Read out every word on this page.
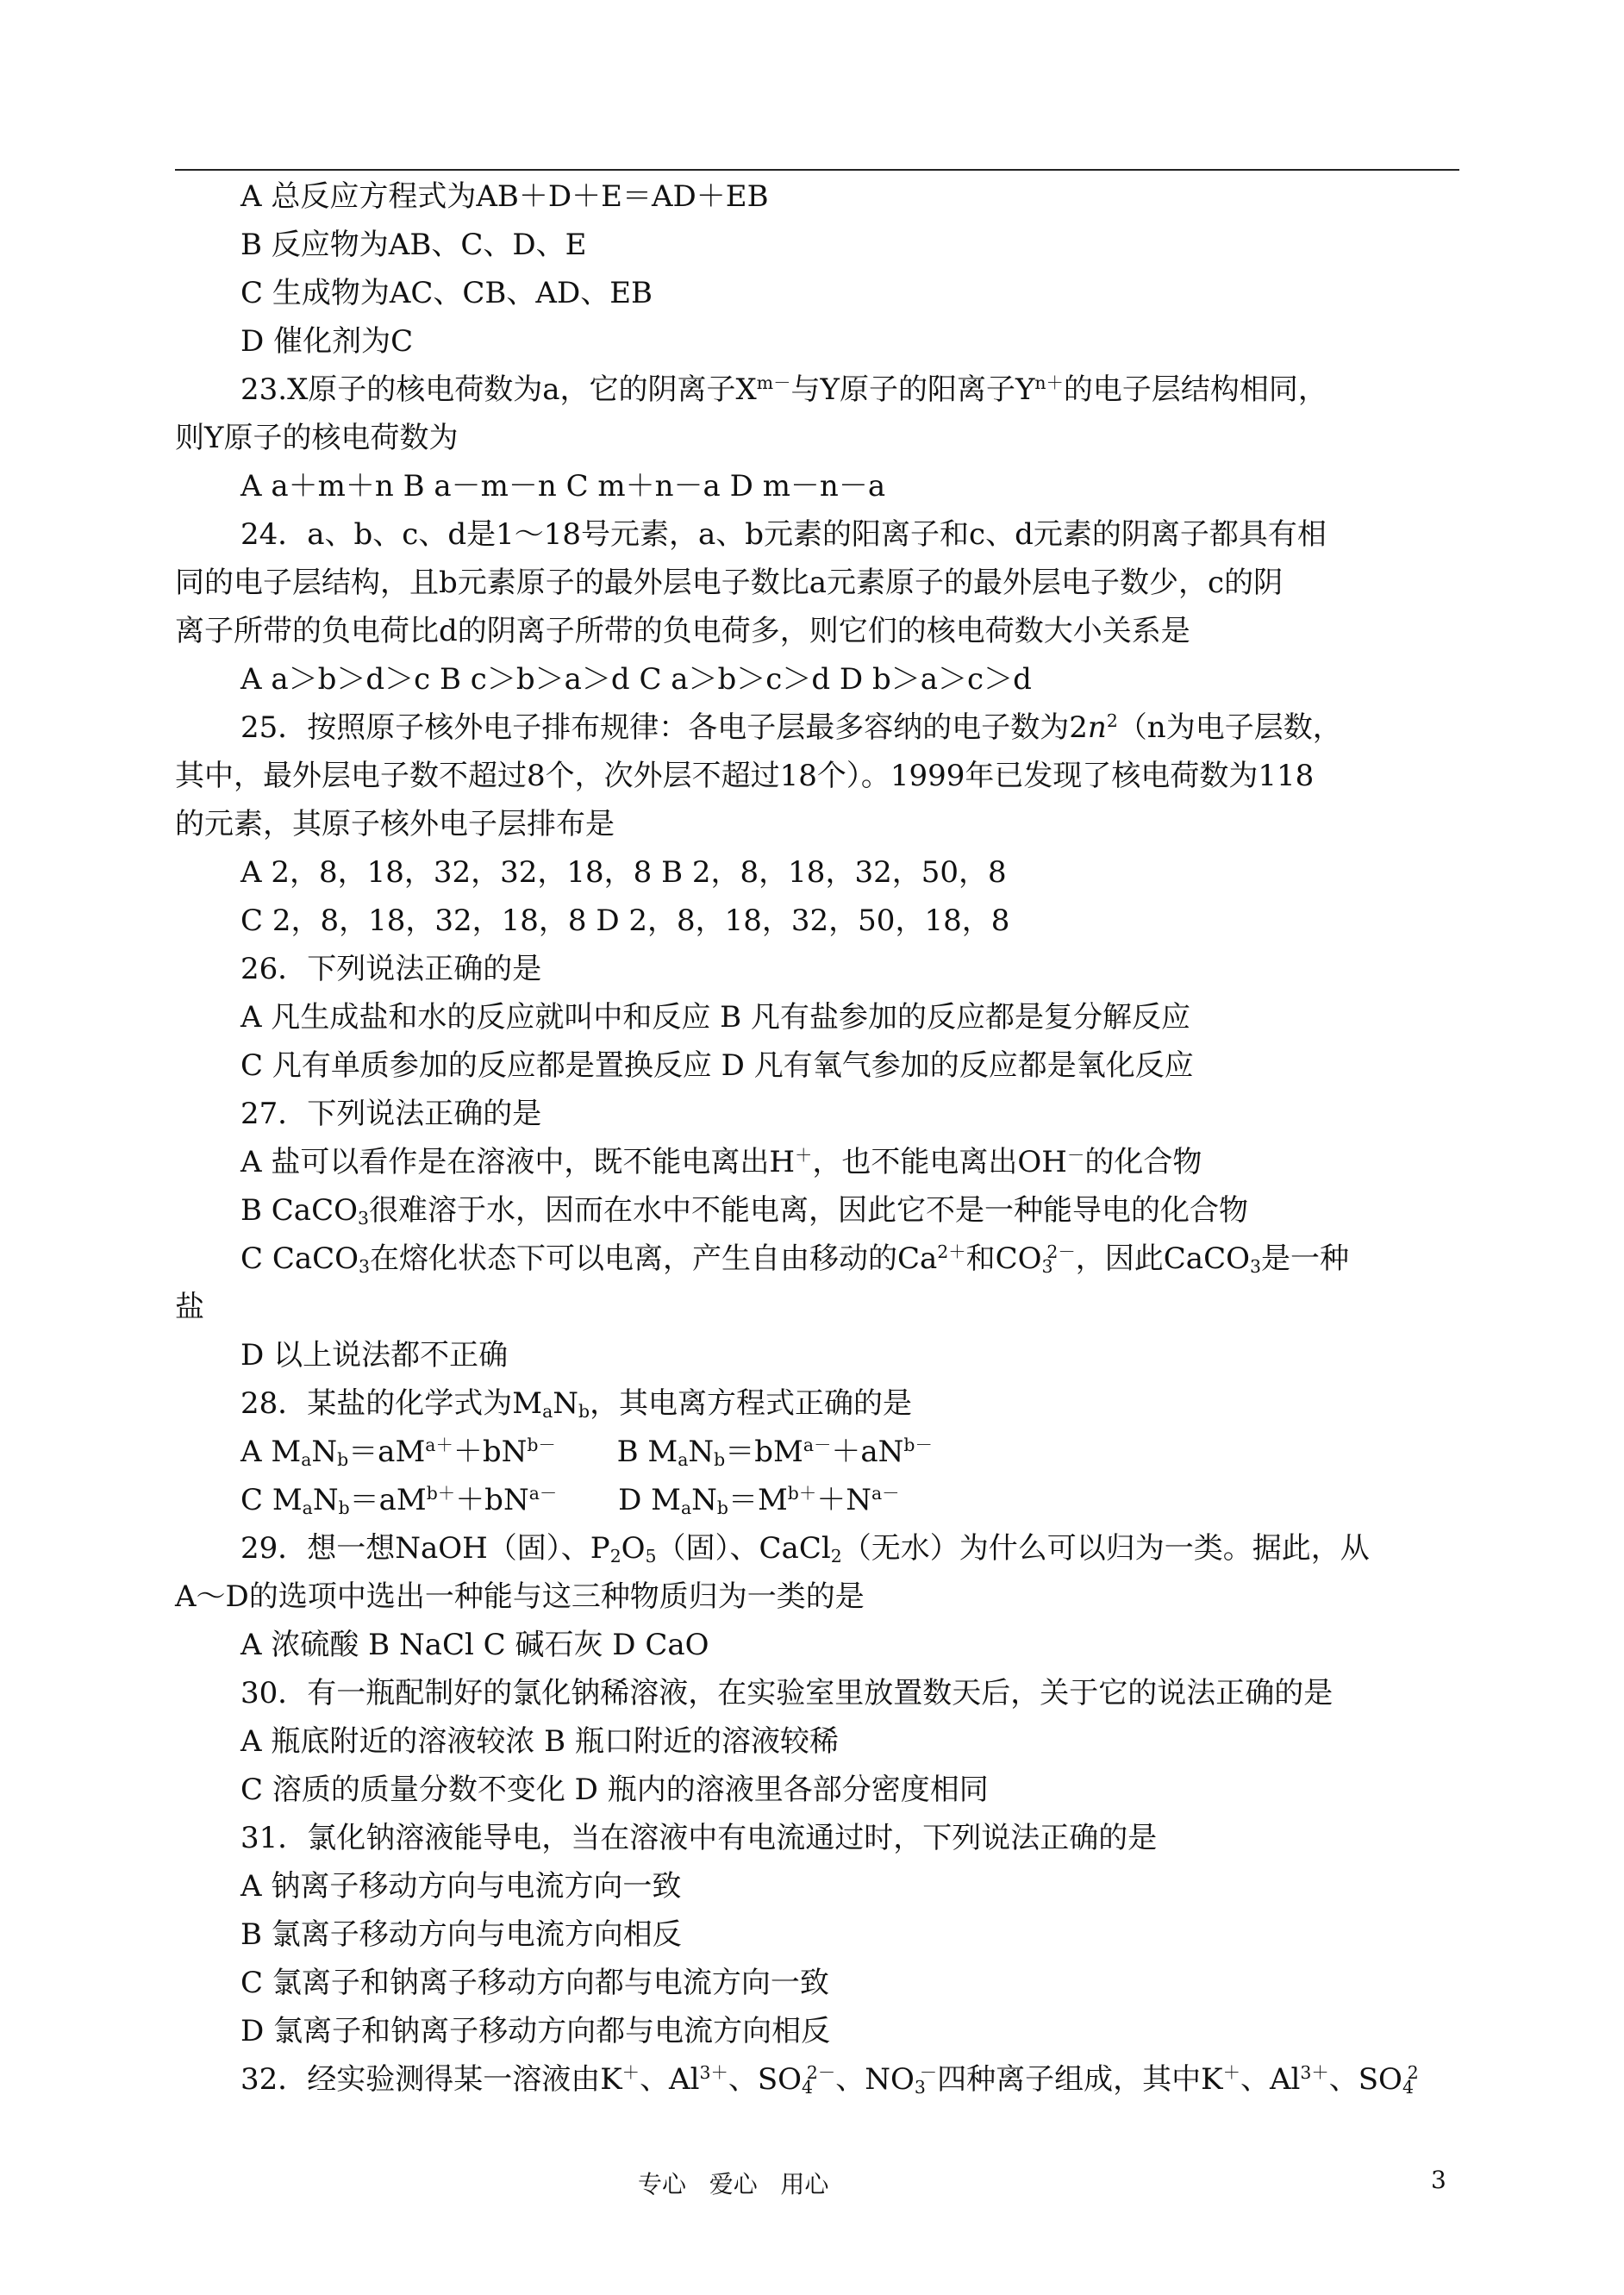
A 总反应方程式为AB＋D＋E＝AD＋EB
B 反应物为AB、C、D、E
C 生成物为AC、CB、AD、EB
D 催化剂为C
23.X原子的核电荷数为a，它的阴离子$X^{m-}$与Y原子的阳离子$Y^{n+}$的电子层结构相同，
则Y原子的核电荷数为
A a＋m＋n B a－m－n C m＋n－a D m－n－a
24．a、b、c、d是1～18号元素，a、b元素的阳离子和c、d元素的阴离子都具有相
同的电子层结构，且b元素原子的最外层电子数比a元素原子的最外层电子数少，c的阴
离子所带的负电荷比d的阴离子所带的负电荷多，则它们的核电荷数大小关系是
A a＞b＞d＞c B c＞b＞a＞d C a＞b＞c＞d D b＞a＞c＞d
25．按照原子核外电子排布规律：各电子层最多容纳的电子数为$2n^2(n$为电子层数，
其中，最外层电子数不超过8个，次外层不超过18个）。1999年已发现了核电荷数为118
的元素，其原子核外电子层排布是
A 2，8，18，32，32，18，8 B 2，8，18，32，50，8
C 2，8，18，32，18，8 D 2，8，18，32，50，18，8
26．下列说法正确的是
A 凡生成盐和水的反应就叫中和反应 B 凡有盐参加的反应都是复分解反应
C 凡有单质参加的反应都是置换反应 D 凡有氧气参加的反应都是氧化反应
27．下列说法正确的是
A 盐可以看作是在溶液中，既不能电离出H＋，也不能电离出OH－的化合物
B CaCO$_3$很难溶于水，因而在水中不能电离，因此它不是一种能导电的化合物
C CaCO$_3$在熔化状态下可以电离，产生自由移动的$Ca^{2+}$和$CO_3^{2-}$，因此CaCO$_3$是一种
盐
D 以上说法都不正确
28．某盐的化学式为$M_aN_b$，其电离方程式正确的是
A $M_aN_b=aM^{a+}+bN^{b-}$ B $M_aN_b=bM^{a-}+aN^{b-}$
C $M_aN_b=aM^{b+}+bN^{a-}$ D $M_aN_b=M^{b+}+N^{a-}$
29．想一想NaOH（固）、$P_2O_5$（固）、CaCl$_2$（无水）为什么可以归为一类。据此，从
A～D的选项中选出一种能与这三种物质归为一类的是
A 浓硫酸 B NaCl C 碱石灰 D CaO
30．有一瓶配制好的氯化钠稀溶液，在实验室里放置数天后，关于它的说法正确的是
A 瓶底附近的溶液较浓 B 瓶口附近的溶液较稀
C 溶质的质量分数不变化 D 瓶内的溶液里各部分密度相同
31．氯化钠溶液能导电，当在溶液中有电流通过时，下列说法正确的是
A 钠离子移动方向与电流方向一致
B 氯离子移动方向与电流方向相反
C 氯离子和钠离子移动方向都与电流方向一致
D 氯离子和钠离子移动方向都与电流方向相反
32．经实验测得某一溶液由K＋、$Al^{3+}$、$SO_4^{2-}$、$NO_3^-$四种离子组成，其中K＋、$Al^{3+}$、$SO_4^2$
专心   爱心   用心	3
